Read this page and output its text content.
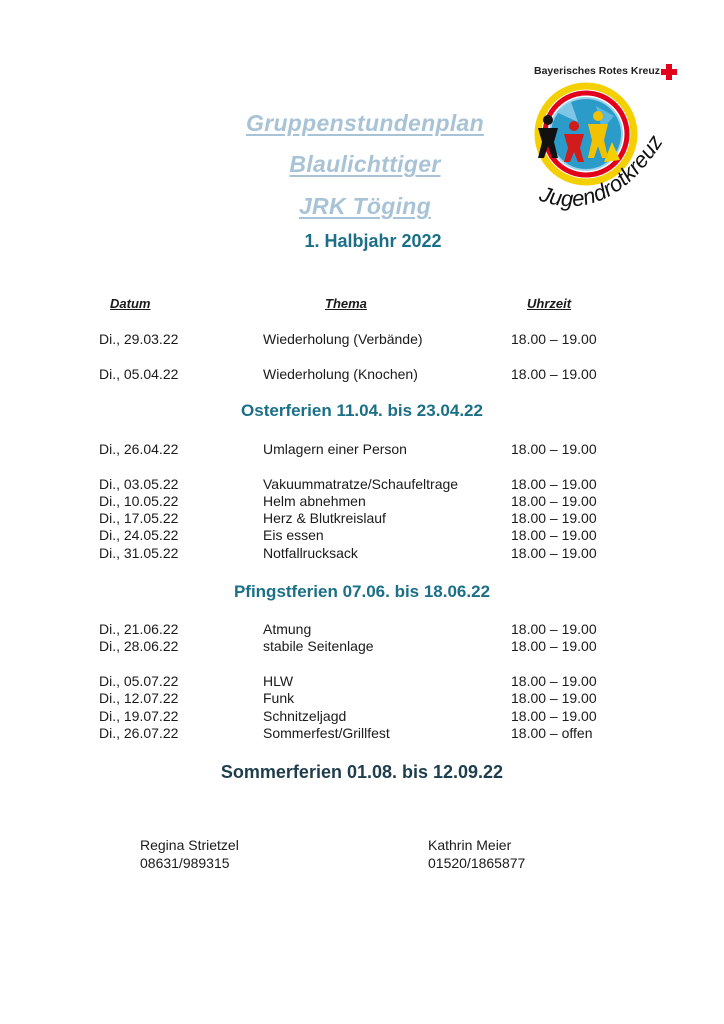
Bayerisches Rotes Kreuz
Jugendrotkreuz
Gruppenstundenplan
Blaulichttiger
JRK Töging
1. Halbjahr 2022
Datum	Thema	Uhrzeit
Di., 29.03.22	Wiederholung (Verbände)	18.00 – 19.00
Di., 05.04.22	Wiederholung (Knochen)	18.00 – 19.00
Osterferien 11.04. bis 23.04.22
Di., 26.04.22	Umlagern einer Person	18.00 – 19.00
Di., 03.05.22	Vakuummatratze/Schaufeltrage	18.00 – 19.00
Di., 10.05.22	Helm abnehmen	18.00 – 19.00
Di., 17.05.22	Herz & Blutkreislauf	18.00 – 19.00
Di., 24.05.22	Eis essen	18.00 – 19.00
Di., 31.05.22	Notfallrucksack	18.00 – 19.00
Pfingstferien 07.06. bis 18.06.22
Di., 21.06.22	Atmung	18.00 – 19.00
Di., 28.06.22	stabile Seitenlage	18.00 – 19.00
Di., 05.07.22	HLW	18.00 – 19.00
Di., 12.07.22	Funk	18.00 – 19.00
Di., 19.07.22	Schnitzeljagd	18.00 – 19.00
Di., 26.07.22	Sommerfest/Grillfest	18.00 – offen
Sommerferien 01.08. bis 12.09.22
Regina Strietzel
08631/989315
Kathrin Meier
01520/1865877
